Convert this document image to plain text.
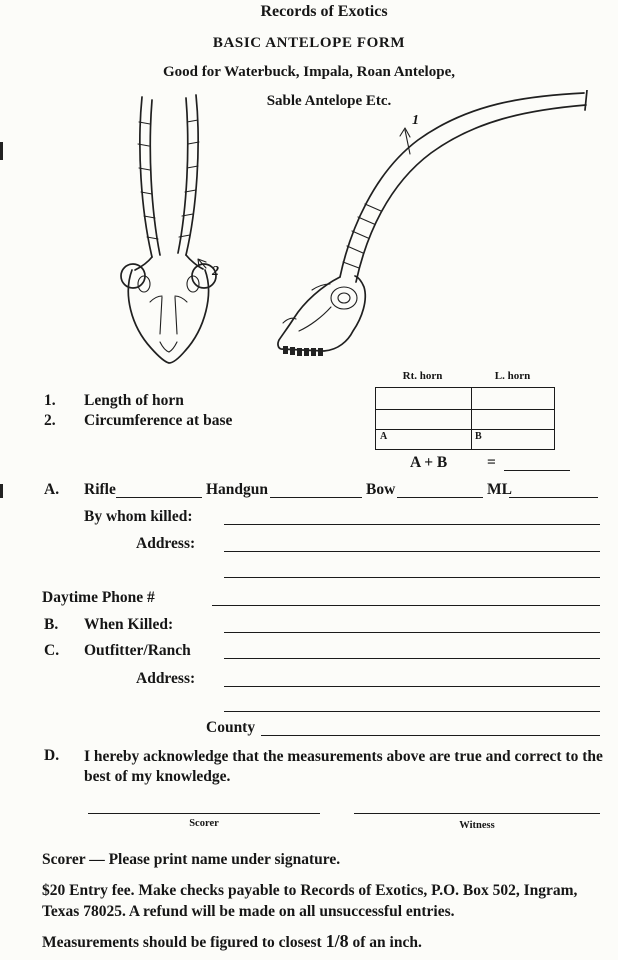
Records of Exotics
BASIC ANTELOPE FORM
Good for Waterbuck, Impala, Roan Antelope,
Sable Antelope Etc.
2
1
Rt. horn	L. horn
A	B
1. Length of horn
2. Circumference at base
A + B	=
A. Rifle	Handgun	Bow	ML
By whom killed:
Address:
Daytime Phone #
B. When Killed:
C. Outfitter/Ranch
Address:
County
D. I hereby acknowledge that the measurements above are true and correct to the best of my knowledge.
Scorer	Witness
Scorer — Please print name under signature.
$20 Entry fee. Make checks payable to Records of Exotics, P.O. Box 502, Ingram, Texas 78025. A refund will be made on all unsuccessful entries.
Measurements should be figured to closest 1/8 of an inch.
